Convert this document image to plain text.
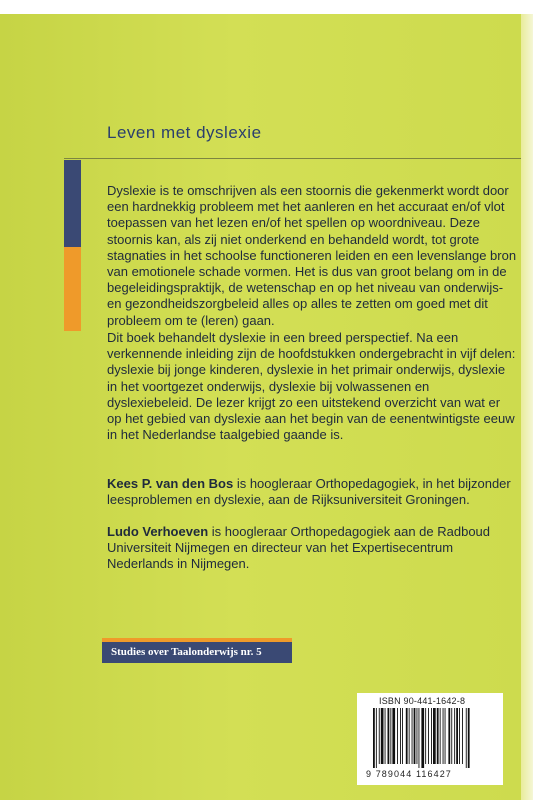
Leven met dyslexie

Dyslexie is te omschrijven als een stoornis die gekenmerkt wordt door een hardnekkig probleem met het aanleren en het accuraat en/of vlot toepassen van het lezen en/of het spellen op woordniveau. Deze stoornis kan, als zij niet onderkend en behandeld wordt, tot grote stagnaties in het schoolse functioneren leiden en een levenslange bron van emotionele schade vormen. Het is dus van groot belang om in de begeleidingspraktijk, de wetenschap en op het niveau van onderwijs- en gezondheidszorgbeleid alles op alles te zetten om goed met dit probleem om te (leren) gaan.

Dit boek behandelt dyslexie in een breed perspectief. Na een verkennende inleiding zijn de hoofdstukken ondergebracht in vijf delen: dyslexie bij jonge kinderen, dyslexie in het primair onderwijs, dyslexie in het voortgezet onderwijs, dyslexie bij volwassenen en dyslexiebeleid. De lezer krijgt zo een uitstekend overzicht van wat er op het gebied van dyslexie aan het begin van de eenentwintigste eeuw in het Nederlandse taalgebied gaande is.

Kees P. van den Bos is hoogleraar Orthopedagogiek, in het bijzonder leesproblemen en dyslexie, aan de Rijksuniversiteit Groningen.

Ludo Verhoeven is hoogleraar Orthopedagogiek aan de Radboud Universiteit Nijmegen en directeur van het Expertisecentrum Nederlands in Nijmegen.

Studies over Taalonderwijs nr. 5
ISBN 90-441-1642-8
9 789044 116427
